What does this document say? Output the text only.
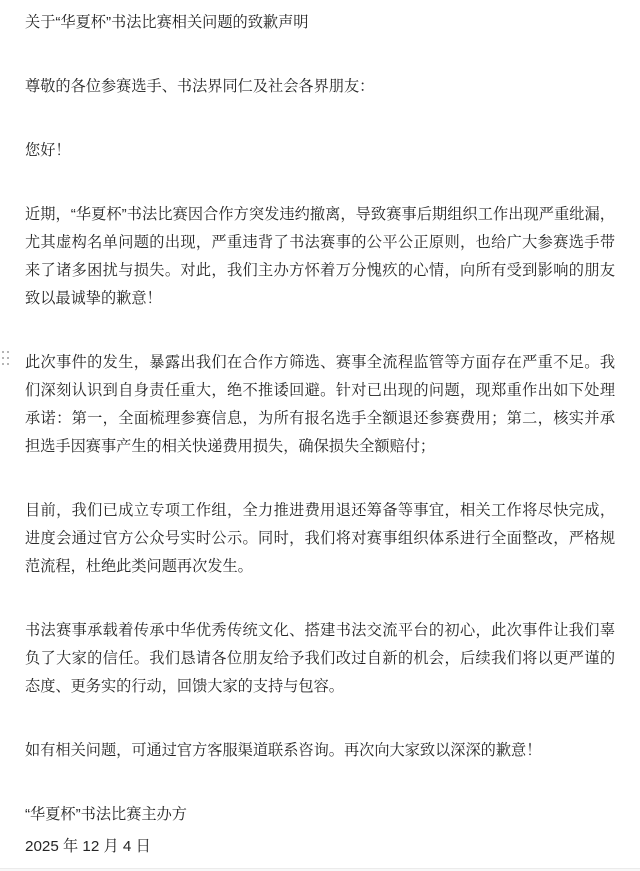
关于“华夏杯”书法比赛相关问题的致歉声明

尊敬的各位参赛选手、书法界同仁及社会各界朋友：

您好！

近期，“华夏杯”书法比赛因合作方突发违约撤离，导致赛事后期组织工作出现严重纰漏，尤其虚构名单问题的出现，严重违背了书法赛事的公平公正原则，也给广大参赛选手带来了诸多困扰与损失。对此，我们主办方怀着万分愧疚的心情，向所有受到影响的朋友致以最诚挚的歉意！

此次事件的发生，暴露出我们在合作方筛选、赛事全流程监管等方面存在严重不足。我们深刻认识到自身责任重大，绝不推诿回避。针对已出现的问题，现郑重作出如下处理承诺：第一，全面梳理参赛信息，为所有报名选手全额退还参赛费用；第二，核实并承担选手因赛事产生的相关快递费用损失，确保损失全额赔付；

目前，我们已成立专项工作组，全力推进费用退还筹备等事宜，相关工作将尽快完成，进度会通过官方公众号实时公示。同时，我们将对赛事组织体系进行全面整改，严格规范流程，杜绝此类问题再次发生。

书法赛事承载着传承中华优秀传统文化、搭建书法交流平台的初心，此次事件让我们辜负了大家的信任。我们恳请各位朋友给予我们改过自新的机会，后续我们将以更严谨的态度、更务实的行动，回馈大家的支持与包容。

如有相关问题，可通过官方客服渠道联系咨询。再次向大家致以深深的歉意！

“华夏杯”书法比赛主办方

2025 年 12 月 4 日
